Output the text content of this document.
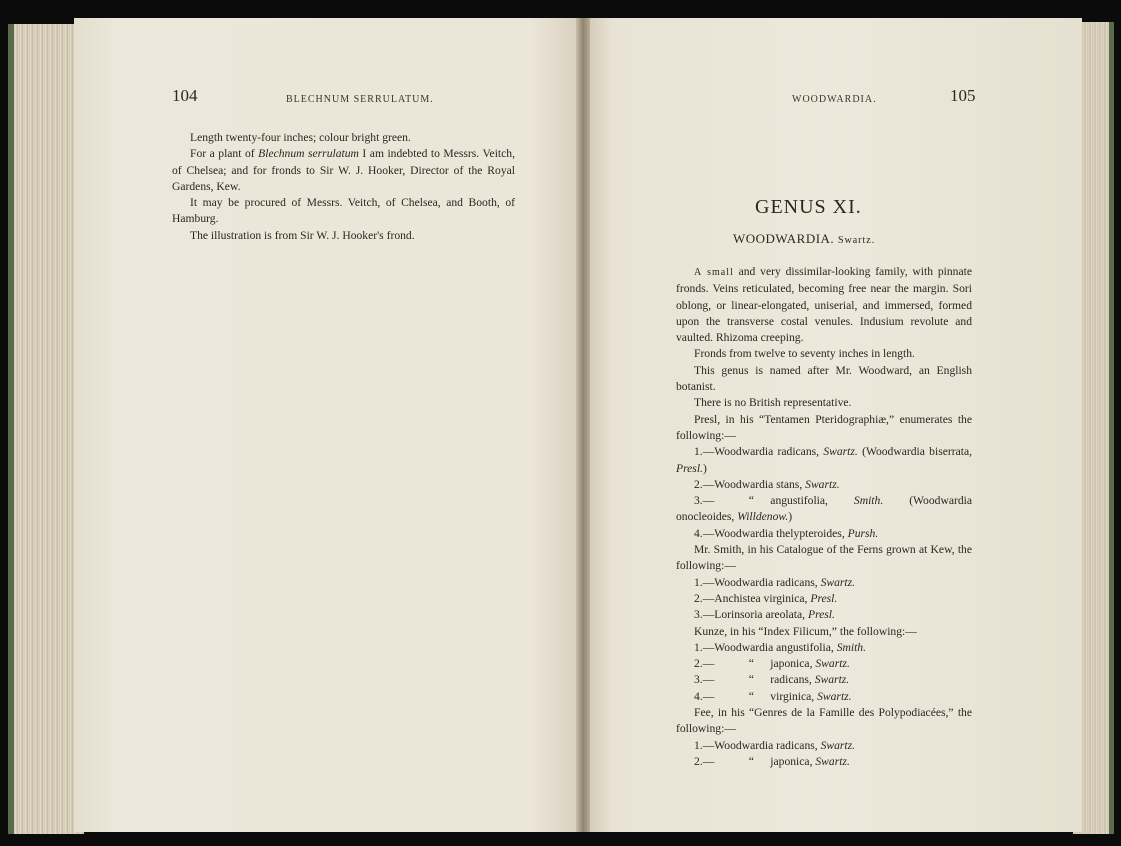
104	BLECHNUM SERRULATUM.

Length twenty-four inches; colour bright green.

For a plant of Blechnum serrulatum I am indebted to Messrs. Veitch, of Chelsea; and for fronds to Sir W. J. Hooker, Director of the Royal Gardens, Kew.

It may be procured of Messrs. Veitch, of Chelsea, and Booth, of Hamburg.

The illustration is from Sir W. J. Hooker's frond.

WOODWARDIA.	105
GENUS XI.
WOODWARDIA. Swartz.

A small and very dissimilar-looking family, with pinnate fronds. Veins reticulated, becoming free near the margin. Sori oblong, or linear-elongated, uniserial, and immersed, formed upon the transverse costal venules. Indusium revolute and vaulted. Rhizoma creeping.

Fronds from twelve to seventy inches in length.

This genus is named after Mr. Woodward, an English botanist.

There is no British representative.

Presl, in his “Tentamen Pteridographiæ,” enumerates the following:—

1.—Woodwardia radicans, Swartz. (Woodwardia biserrata, Presl.)

2.—Woodwardia stans, Swartz.

3.—	“ angustifolia, Smith. (Woodwardia onocleoides, Willdenow.)

4.—Woodwardia thelypteroides, Pursh.

Mr. Smith, in his Catalogue of the Ferns grown at Kew, the following:—

1.—Woodwardia radicans, Swartz.

2.—Anchistea virginica, Presl.

3.—Lorinsoria areolata, Presl.

Kunze, in his “Index Filicum,” the following:—

1.—Woodwardia angustifolia, Smith.

2.—	“ japonica, Swartz.

3.—	“ radicans, Swartz.

4.—	“ virginica, Swartz.

Fee, in his “Genres de la Famille des Polypodiacées,” the following:—

1.—Woodwardia radicans, Swartz.

2.—	“ japonica, Swartz.
